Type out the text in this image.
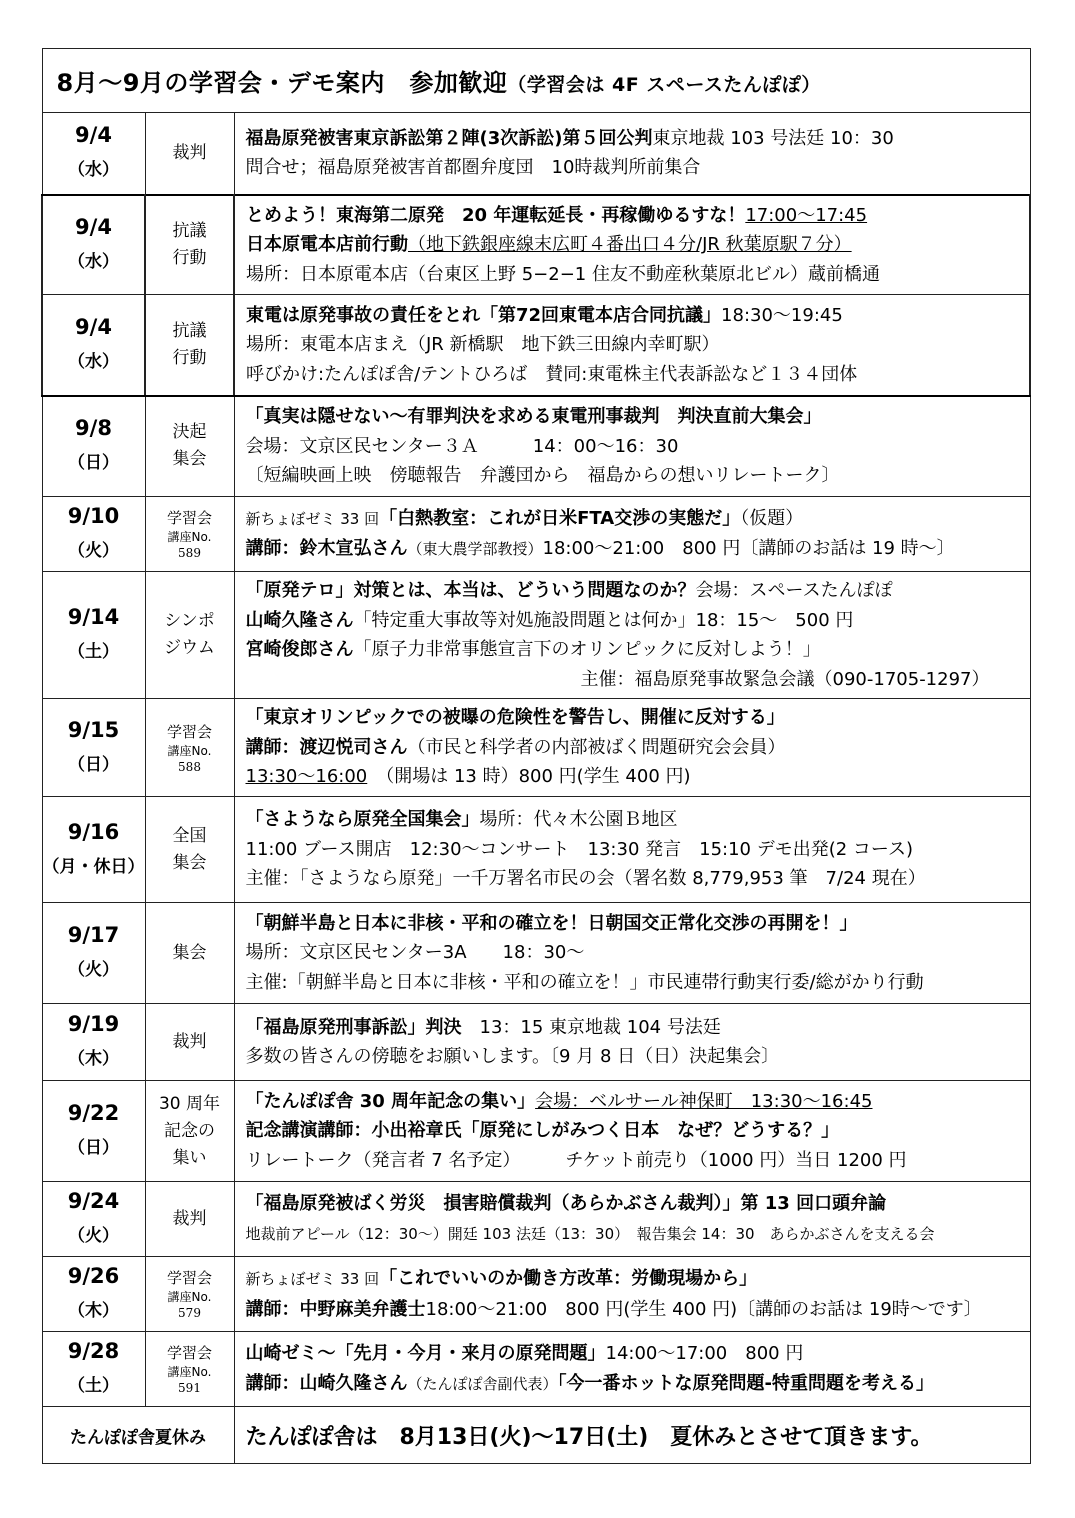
8月～9月の学習会・デモ案内　参加歓迎（学習会は 4F スペースたんぽぽ）		

9/4
（水）	裁判	福島原発被害東京訴訟第２陣(3次訴訟)第５回公判東京地裁 103 号法廷 10：30
問合せ；福島原発被害首都圏弁度団　10時裁判所前集合

9/4
（水）	抗議
行動	とめよう！東海第二原発　20 年運転延長・再稼働ゆるすな！17:00～17:45
日本原電本店前行動（地下鉄銀座線末広町４番出口４分/JR 秋葉原駅７分）
場所：日本原電本店（台東区上野 5−2−1 住友不動産秋葉原北ビル）蔵前橋通

9/4
（水）	抗議
行動	東電は原発事故の責任をとれ「第72回東電本店合同抗議」18:30～19:45
場所：東電本店まえ（JR 新橋駅　地下鉄三田線内幸町駅）
呼びかけ:たんぽぽ舎/テントひろば　賛同:東電株主代表訴訟など１３４団体

9/8
（日）	決起
集会	「真実は隠せない～有罪判決を求める東電刑事裁判　判決直前大集会」
会場：文京区民センター３Ａ　　　14：00～16：30
〔短編映画上映　傍聴報告　弁護団から　福島からの想いリレートーク〕

9/10
（火）	学習会
講座No.
589	新ちょぼゼミ 33 回「白熱教室：これが日米FTA交渉の実態だ」（仮題）
講師：鈴木宣弘さん（東大農学部教授）18:00～21:00　800 円〔講師のお話は 19 時～〕

9/14
（土）	シンポ
ジウム	「原発テロ」対策とは、本当は、どういう問題なのか？会場：スペースたんぽぽ
山崎久隆さん「特定重大事故等対処施設問題とは何か」18：15～　500 円
宮崎俊郎さん「原子力非常事態宣言下のオリンピックに反対しよう！」
主催：福島原発事故緊急会議（090-1705-1297）

9/15
（日）	学習会
講座No.
588	「東京オリンピックでの被曝の危険性を警告し、開催に反対する」
講師：渡辺悦司さん（市民と科学者の内部被ばく問題研究会会員）
13:30～16:00　（開場は 13 時）800 円(学生 400 円)

9/16
（月・休日）	全国
集会	「さようなら原発全国集会」場所：代々木公園Ｂ地区
11:00 ブース開店　12:30～コンサート　13:30 発言　15:10 デモ出発(2 コース)
主催：「さようなら原発」一千万署名市民の会（署名数 8,779,953 筆　7/24 現在）

9/17
（火）	集会	「朝鮮半島と日本に非核・平和の確立を！日朝国交正常化交渉の再開を！」
場所：文京区民センター3A　　18：30～
主催:「朝鮮半島と日本に非核・平和の確立を！」市民連帯行動実行委/総がかり行動

9/19
（木）	裁判	「福島原発刑事訴訟」判決　13：15 東京地裁 104 号法廷
多数の皆さんの傍聴をお願いします。〔9 月 8 日（日）決起集会〕

9/22
（日）	30 周年
記念の
集い	「たんぽぽ舎 30 周年記念の集い」会場：ベルサール神保町　13:30～16:45
記念講演講師：小出裕章氏「原発にしがみつく日本　なぜ？どうする？」
リレートーク（発言者 7 名予定）　　　チケット前売り（1000 円）当日 1200 円

9/24
（火）	裁判	「福島原発被ばく労災　損害賠償裁判（あらかぶさん裁判）」第 13 回口頭弁論
地裁前アピール（12：30～）開廷 103 法廷（13：30）　報告集会 14：30　あらかぶさんを支える会

9/26
（木）	学習会
講座No.
579	新ちょぼゼミ 33 回「これでいいのか働き方改革：労働現場から」
講師：中野麻美弁護士18:00～21:00　800 円(学生 400 円)〔講師のお話は 19時～です〕

9/28
（土）	学習会
講座No.
591	山崎ゼミ～「先月・今月・来月の原発問題」14:00～17:00　800 円
講師：山崎久隆さん（たんぽぽ舎副代表）「今一番ホットな原発問題-特重問題を考える」

たんぽぽ舎夏休み		たんぽぽ舎は　8月13日(火)～17日(土)　夏休みとさせて頂きます。
